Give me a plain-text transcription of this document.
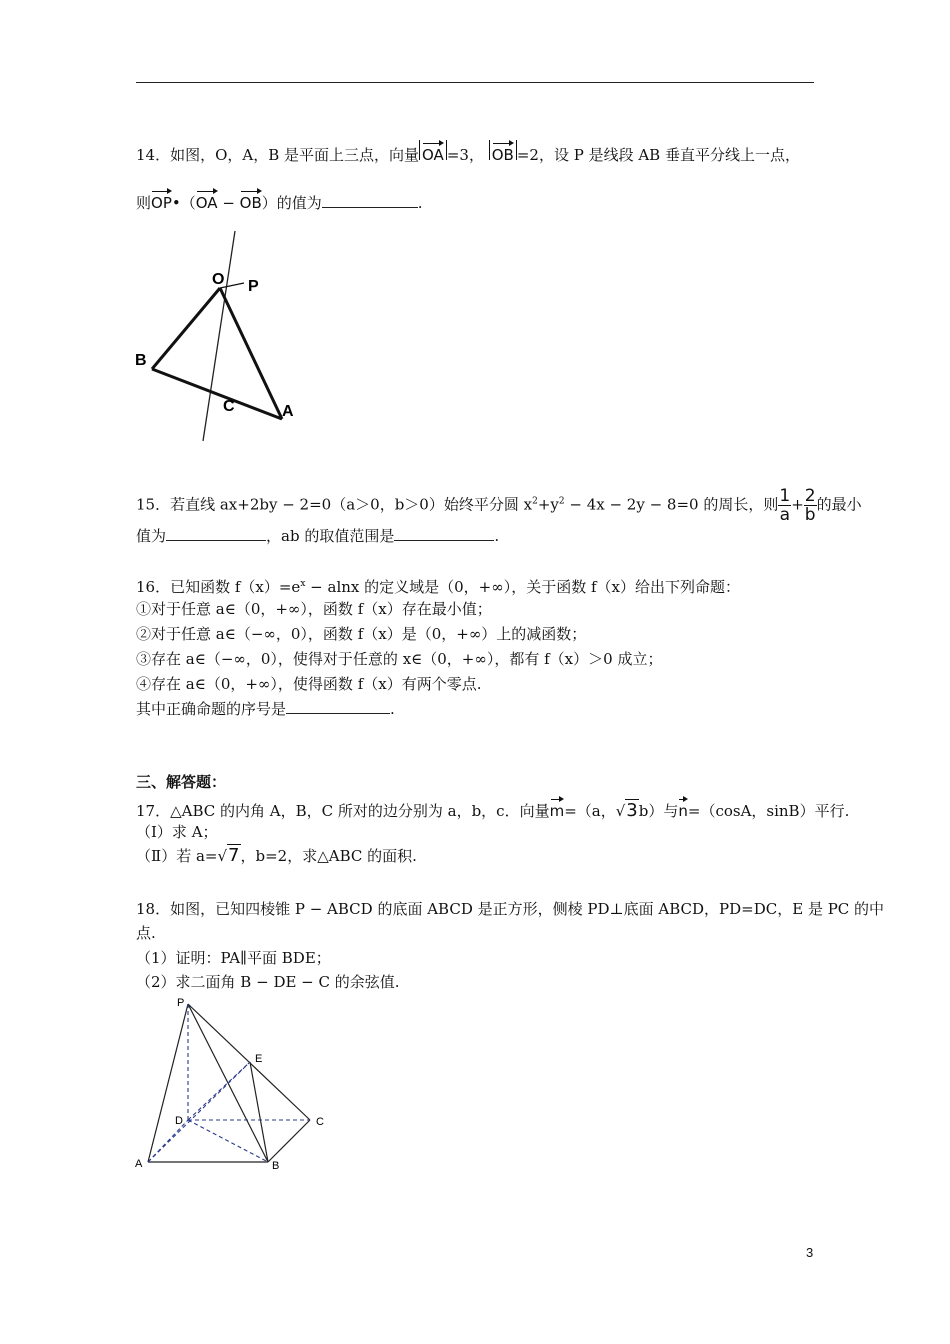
14．如图，O，A，B 是平面上三点，向量 OA =3， OB =2，设 P 是线段 AB 垂直平分线上一点，
则OP•（OA − OB）的值为	.
O P
B
C	A
15．若直线 ax+2by − 2=0（a＞0，b＞0）始终平分圆 $x^2+y^2 - 4x - 2y - 8=0$ 的周长，则 $\frac{1}{a} + \frac{2}{b}$ 的最小
值为	，ab 的取值范围是	.
16．已知函数 $f(x)=e^x - alnx$ 的定义域是（0，+∞），关于函数 f（x）给出下列命题：
①对于任意 a∈（0，+∞），函数 f（x）存在最小值；
②对于任意 a∈（−∞，0），函数 f（x）是（0，+∞）上的减函数；
③存在 a∈（−∞，0），使得对于任意的 x∈（0，+∞），都有 f（x）＞0 成立；
④存在 a∈（0，+∞），使得函数 f（x）有两个零点.
其中正确命题的序号是	.
三、解答题：
17．△ABC 的内角 A，B，C 所对的边分别为 a，b，c．向量m=（a，√3b）与n=（cosA，sinB）平行.
（Ⅰ）求 A；
（Ⅱ）若 a=√7，b=2，求△ABC 的面积.
18．如图，已知四棱锥 P − ABCD 的底面 ABCD 是正方形，侧棱 PD⊥底面 ABCD，PD=DC，E 是 PC 的中
点.
（1）证明：PA∥平面 BDE；
（2）求二面角 B − DE − C 的余弦值.
P
E
D	C
A	B
3
